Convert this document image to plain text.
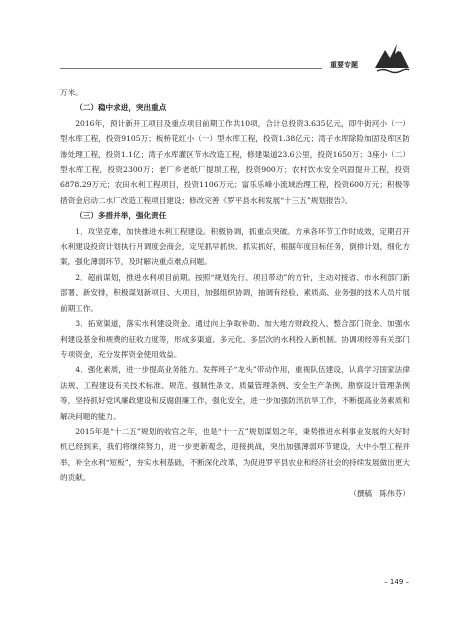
重要专题

万米。

（二）稳中求进，突出重点

2016年，预计新开工项目及重点项目前期工作共10项，合计总投资3.635亿元，即牛街河小（一）型水库工程，投资9105万；板桥花红小（一）型水库工程，投资1.38亿元；湾子水库除险加固及库区防渗处理工程，投资1.1亿；湾子水库灌区节水改造工程，修建渠道23.6公里，投资1650万；3座小（二）型水库工程，投资2300万；老厂乡老纸厂提坝工程，投资900万；农村饮水安全巩固提升工程，投资6878.29万元；农田水利工程项目，投资1106万元；富乐乐峰小流域治理工程，投资600万元；积极等措资金启动二水厂改造工程项目建设；修改完善《罗平县水利发展“十三五”规划报告》。

（三）多措并举，强化责任

1．攻坚克难，加快推进水利工程建设。积极协调，抓重点突破。方承各环节工作时成效，定期召开水利建设投资计划执行月调度会商会，定见抓早抓快、抓实抓好，根据年度目标任务，倒排计划，细化方案，强化薄弱环节，及时解决重点难点问题。

2．超前谋划，推进水利项目前期。按照“规划先行、项目带动”的方针，主动对接省、市水利部门新部署、新安排，积极谋划新项目、大项目，加强组织协调，抽调有经验、素质高、业务强的技术人员片展前期工作。

3．拓宽渠道，落实水利建设资金。通过向上争取补助、加大地方财政投入、整合部门资金、加强水利建设基金和规费的征收力度等，形成多渠道、多元化、多层次的水利投入新机制。协调项经等有关部门专项资金，充分发挥资金使用效益。

4．强化素质，进一步提高业务能力。发挥班子“龙头”带动作用，重视队伍建设，认真学习国家法律法规、工程建设有关技术标准、规范、强制性条文、质量管理条例、安全生产条例、勘察设计管理条例等，坚持抓好党风廉政建设和反腐倡廉工作，强化安全，进一步加强防汛抗旱工作，不断提高业务素质和解决问题的能力。

2015年是“十二五”规划的收官之年，也是“十一五”规划谋划之年，秉势推进水利事业发展的大好时机已经到来，我们将继续努力，进一步更新观念，迎接挑战，突出加强薄弱环节建设，大中小型工程并举，补全水利“短板”，夯实水利基础，不断深化改革，为促进罗平县农业和经济社会的持续发展做出更大的贡献。

（撰稿　陈伟芬）

– 149 –
